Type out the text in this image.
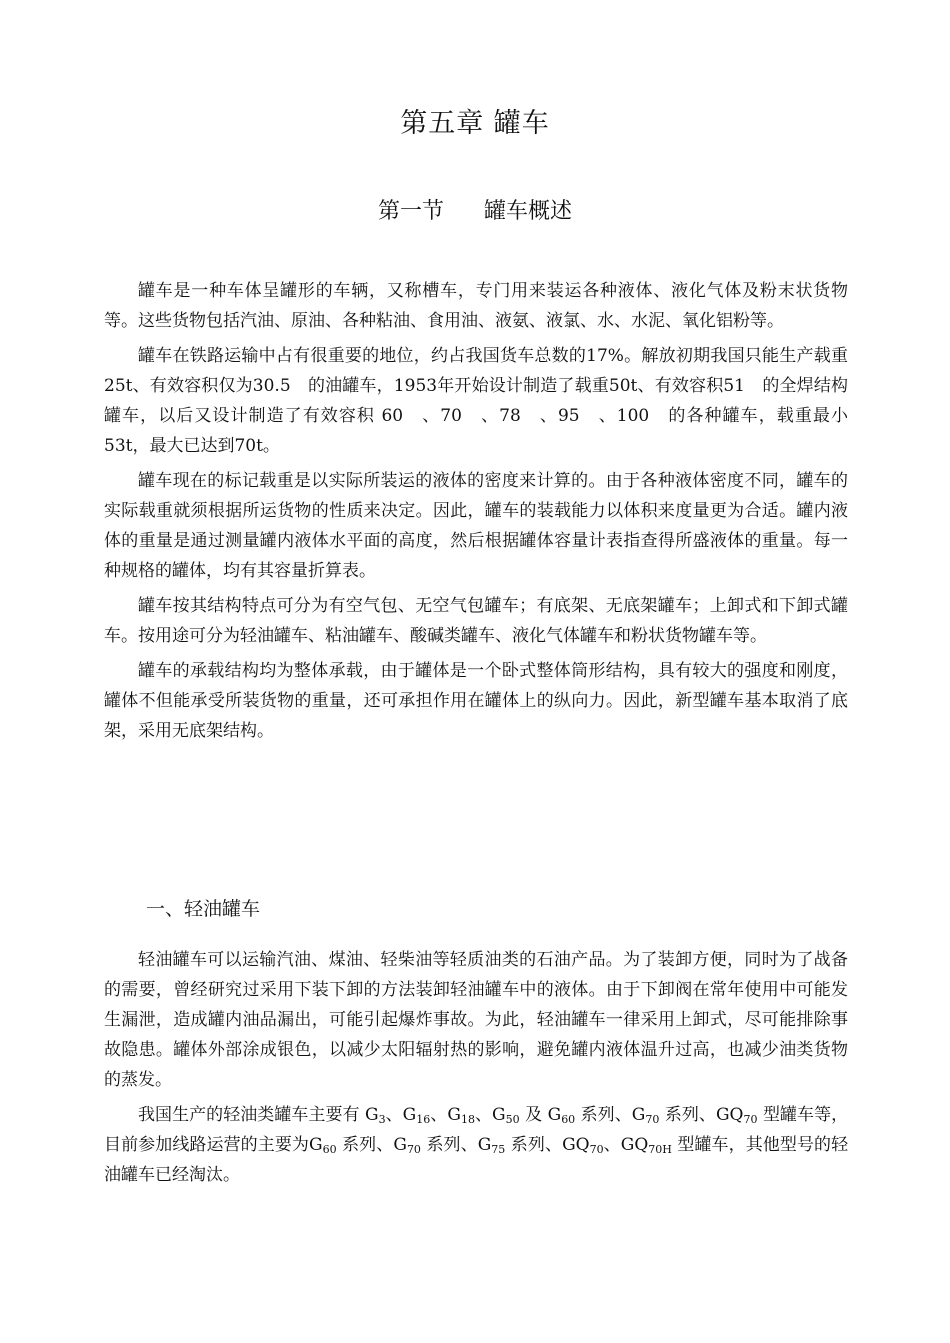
第五章 罐车
第一节 罐车概述

罐车是一种车体呈罐形的车辆，又称槽车，专门用来装运各种液体、液化气体及粉末状货物等。这些货物包括汽油、原油、各种粘油、食用油、液氨、液氯、水、水泥、氧化铝粉等。

罐车在铁路运输中占有很重要的地位，约占我国货车总数的17%。解放初期我国只能生产载重25t、有效容积仅为30.5　的油罐车，1953年开始设计制造了载重50t、有效容积51　的全焊结构罐车，以后又设计制造了有效容积 60　、70　、78　、95　、100　的各种罐车，载重最小53t，最大已达到70t。

罐车现在的标记载重是以实际所装运的液体的密度来计算的。由于各种液体密度不同，罐车的实际载重就须根据所运货物的性质来决定。因此，罐车的装载能力以体积来度量更为合适。罐内液体的重量是通过测量罐内液体水平面的高度，然后根据罐体容量计表指查得所盛液体的重量。每一种规格的罐体，均有其容量折算表。

罐车按其结构特点可分为有空气包、无空气包罐车；有底架、无底架罐车；上卸式和下卸式罐车。按用途可分为轻油罐车、粘油罐车、酸碱类罐车、液化气体罐车和粉状货物罐车等。

罐车的承载结构均为整体承载，由于罐体是一个卧式整体筒形结构，具有较大的强度和刚度，罐体不但能承受所装货物的重量，还可承担作用在罐体上的纵向力。因此，新型罐车基本取消了底架，采用无底架结构。

一、轻油罐车

轻油罐车可以运输汽油、煤油、轻柴油等轻质油类的石油产品。为了装卸方便，同时为了战备的需要，曾经研究过采用下装下卸的方法装卸轻油罐车中的液体。由于下卸阀在常年使用中可能发生漏泄，造成罐内油品漏出，可能引起爆炸事故。为此，轻油罐车一律采用上卸式，尽可能排除事故隐患。罐体外部涂成银色，以减少太阳辐射热的影响，避免罐内液体温升过高，也减少油类货物的蒸发。

我国生产的轻油类罐车主要有 $G_3$、$G_{16}$、$G_{18}$、$G_{50}$ 及 $G_{60}$ 系列、$G_{70}$ 系列、$GQ_{70}$ 型罐车等，目前参加线路运营的主要为$G_{60}$ 系列、$G_{70}$ 系列、$G_{75}$ 系列、$GQ_{70}$、$GQ_{70H}$ 型罐车，其他型号的轻油罐车已经淘汰。
